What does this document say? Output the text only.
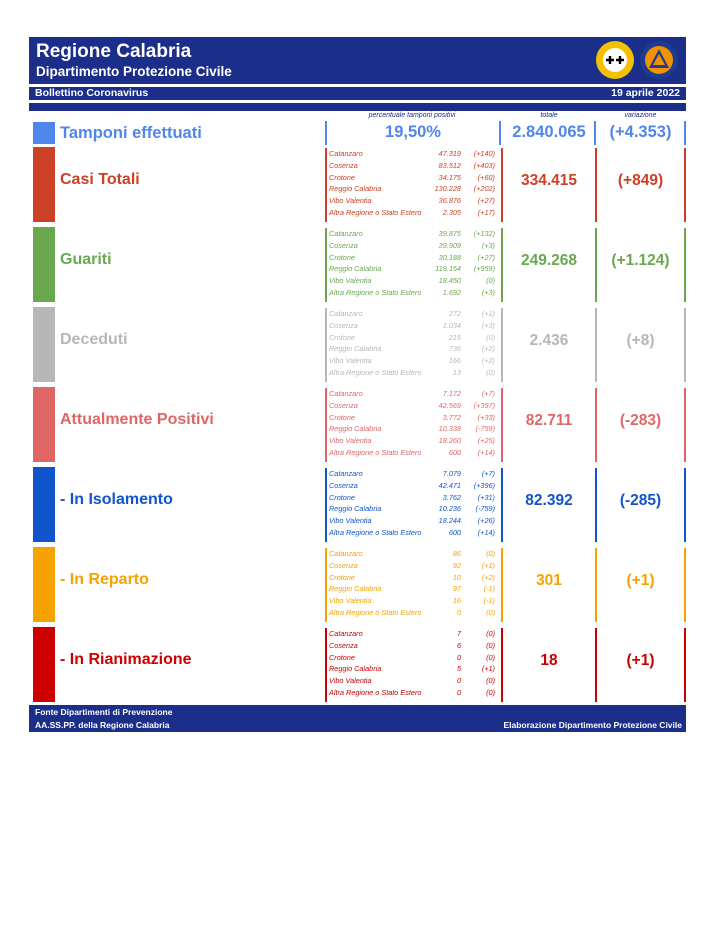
Regione Calabria
Dipartimento Protezione Civile
Bollettino Coronavirus	19 aprile 2022
percentuale tamponi positivi	totale	variazione
Tamponi effettuati	19,50%	2.840.065	(+4.353)
Casi Totali
Catanzaro	47.319 (+140)
Cosenza	83.512 (+403)
Crotone	34.175 (+60)
Reggio Calabria	130.228 (+202)
Vibo Valentia	36.876 (+27)
Altra Regione o Stato Estero	2.305 (+17)
334.415	(+849)
Guariti
Catanzaro	39.875 (+132)
Cosenza	39.909	(+3)
Crotone	30.188 (+27)
Reggio Calabria	119.154 (+959)
Vibo Valentia	18.450	(0)
Altra Regione o Stato Estero	1.692	(+3)
249.268	(+1.124)
Deceduti
Catanzaro	272	(+1)
Cosenza	1.034	(+3)
Crotone	215	(0)
Reggio Calabria	736	(+2)
Vibo Valentia	166	(+2)
Altra Regione o Stato Estero	13	(0)
2.436	(+8)
Attualmente Positivi
Catanzaro	7.172	(+7)
Cosenza	42.569 (+397)
Crotone	3.772 (+33)
Reggio Calabria	10.338 (-759)
Vibo Valentia	18.260 (+25)
Altra Regione o Stato Estero	600 (+14)
82.711	(-283)
- In Isolamento
Catanzaro	7.079	(+7)
Cosenza	42.471 (+396)
Crotone	3.762 (+31)
Reggio Calabria	10.236 (-759)
Vibo Valentia	18.244 (+26)
Altra Regione o Stato Estero	600 (+14)
82.392	(-285)
- In Reparto
Catanzaro	86	(0)
Cosenza	92	(+1)
Crotone	10	(+2)
Reggio Calabria	97	(-1)
Vibo Valentia	16	(-1)
Altra Regione o Stato Estero	0	(0)
301	(+1)
- In Rianimazione
Catanzaro	7	(0)
Cosenza	6	(0)
Crotone	0	(0)
Reggio Calabria	5	(+1)
Vibo Valentia	0	(0)
Altra Regione o Stato Estero	0	(0)
18	(+1)
Fonte Dipartimenti di Prevenzione
AA.SS.PP. della Regione Calabria	Elaborazione Dipartimento Protezione Civile
